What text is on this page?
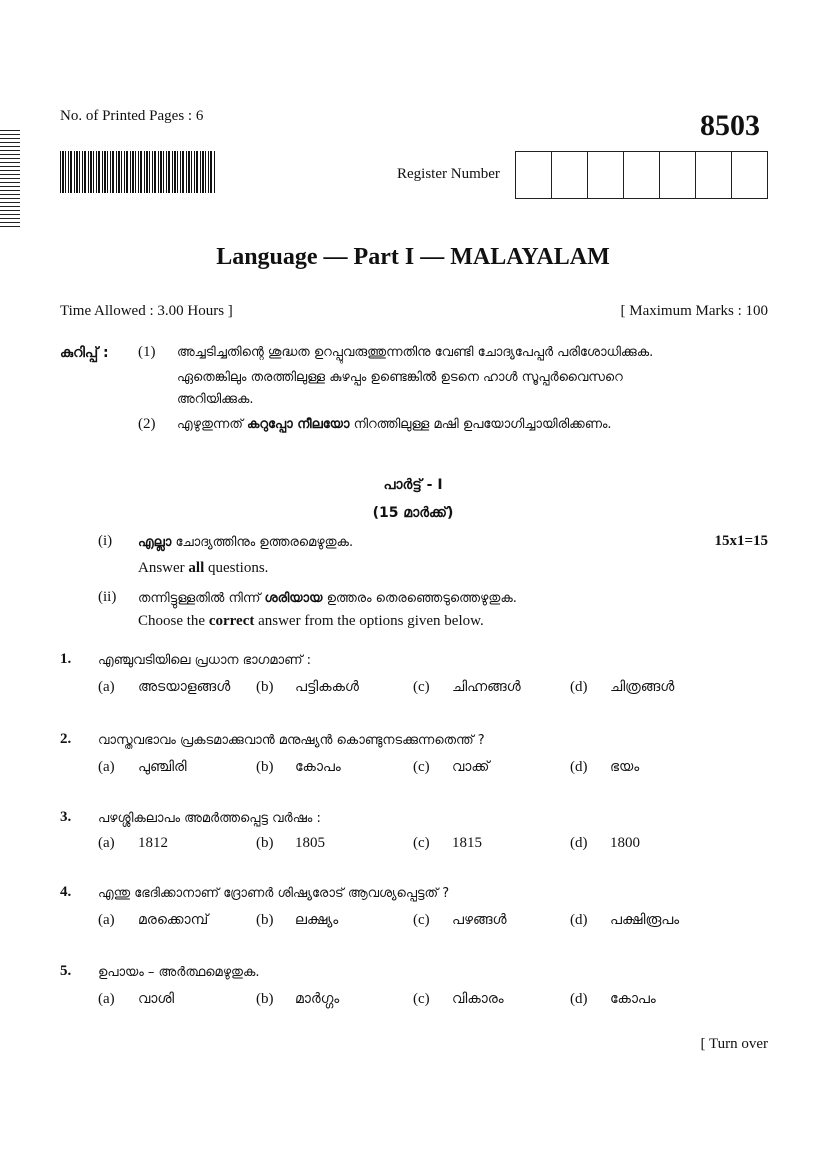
No. of Printed Pages : 6	8503
Register Number
Language — Part I — MALAYALAM
Time Allowed : 3.00 Hours ]	[ Maximum Marks : 100
കുറിപ്പ് : (1) അച്ചടിച്ചതിന്റെ ശുദ്ധത ഉറപ്പുവരുത്തുന്നതിനു വേണ്ടി ചോദ്യപേപ്പർ പരിശോധിക്കുക.
ഏതെങ്കിലും തരത്തിലുള്ള കുഴപ്പം ഉണ്ടെങ്കിൽ ഉടനെ ഹാൾ സൂപ്പർവൈസറെ
അറിയിക്കുക.
(2) എഴുതുന്നത് കറുപ്പോ നീലയോ നിറത്തിലുള്ള മഷി ഉപയോഗിച്ചായിരിക്കണം.
പാർട്ട് - I
(15 മാർക്ക്)
(i) എല്ലാ ചോദ്യത്തിനും ഉത്തരമെഴുതുക.	15x1=15
Answer all questions.
(ii) തന്നിട്ടുള്ളതിൽ നിന്ന് ശരിയായ ഉത്തരം തെരഞ്ഞെടുത്തെഴുതുക.
Choose the correct answer from the options given below.
1. എഞ്ചുവടിയിലെ പ്രധാന ഭാഗമാണ് :
(a) അടയാളങ്ങൾ (b) പട്ടികകൾ	(c) ചിഹ്നങ്ങൾ	(d) ചിത്രങ്ങൾ
2. വാസ്തവഭാവം പ്രകടമാക്കുവാൻ മനുഷ്യൻ കൊണ്ടുനടക്കുന്നതെന്ത് ?
(a) പുഞ്ചിരി	(b) കോപം	(c) വാക്ക്	(d) ഭയം
3. പഴശ്ശികലാപം അമർത്തപ്പെട്ട വർഷം :
(a) 1812	(b) 1805	(c) 1815	(d) 1800
4. എന്തു ഭേദിക്കാനാണ് ദ്രോണർ ശിഷ്യരോട് ആവശ്യപ്പെട്ടത് ?
(a) മരക്കൊമ്പ്	(b) ലക്ഷ്യം	(c) പഴങ്ങൾ	(d) പക്ഷിരൂപം
5. ഉപായം – അർത്ഥമെഴുതുക.
(a) വാശി	(b) മാർഗ്ഗം	(c) വികാരം	(d) കോപം
[ Turn over
